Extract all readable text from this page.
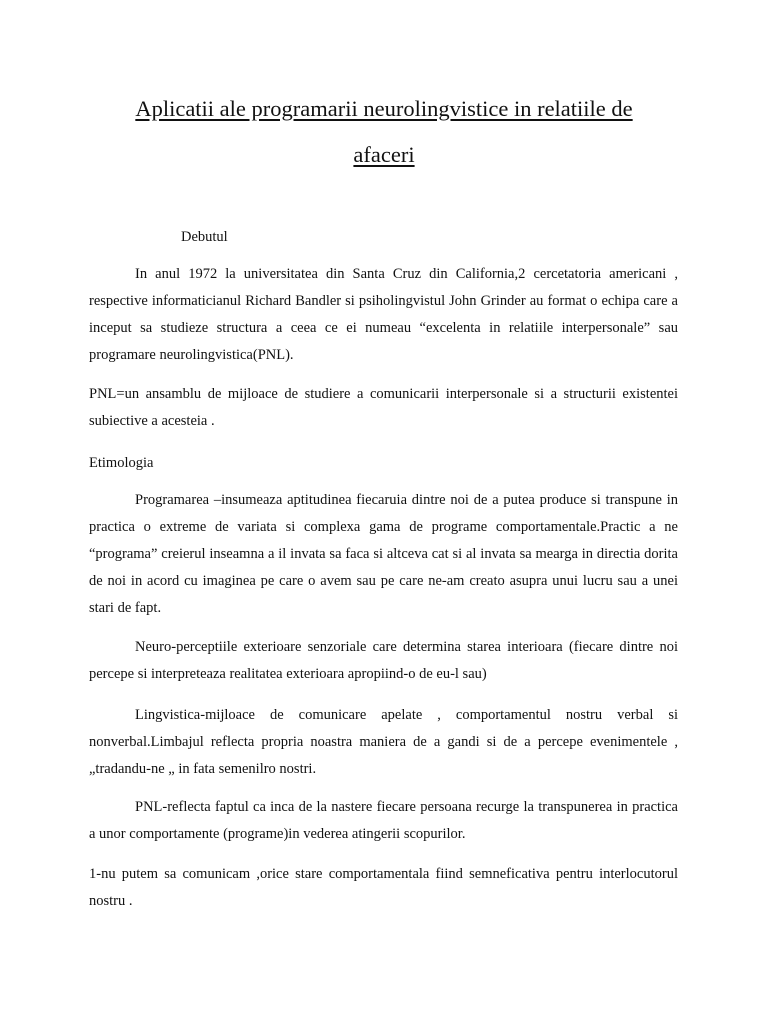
Aplicatii ale programarii neurolingvistice in relatiile de
afaceri

Debutul

In anul 1972 la universitatea din Santa Cruz din California,2 cercetatoria americani , respective informaticianul Richard Bandler si psiholingvistul John Grinder au format o echipa care a inceput sa studieze structura a ceea ce ei numeau “excelenta in relatiile interpersonale” sau programare neurolingvistica(PNL).

PNL=un ansamblu de mijloace de studiere a comunicarii interpersonale si a structurii existentei subiective a acesteia .

Etimologia

Programarea –insumeaza aptitudinea fiecaruia dintre noi de a putea produce si transpune in practica o extreme de variata si complexa gama de programe comportamentale.Practic a ne “programa” creierul inseamna a il invata sa faca si altceva cat si al invata sa mearga in directia dorita de noi in acord cu imaginea pe care o avem sau pe care ne-am creato asupra unui lucru sau a unei stari de fapt.

Neuro-perceptiile exterioare senzoriale care determina starea interioara (fiecare dintre noi percepe si interpreteaza realitatea exterioara apropiind-o de eu-l sau)

Lingvistica-mijloace de comunicare apelate , comportamentul nostru verbal si nonverbal.Limbajul reflecta propria noastra maniera de a gandi si de a percepe evenimentele , „tradandu-ne „ in fata semenilro nostri.

PNL-reflecta faptul ca inca de la nastere fiecare persoana recurge la transpunerea in practica a unor comportamente (programe)in vederea atingerii scopurilor.

1-nu putem sa comunicam ,orice stare comportamentala fiind semneficativa pentru interlocutorul nostru .
